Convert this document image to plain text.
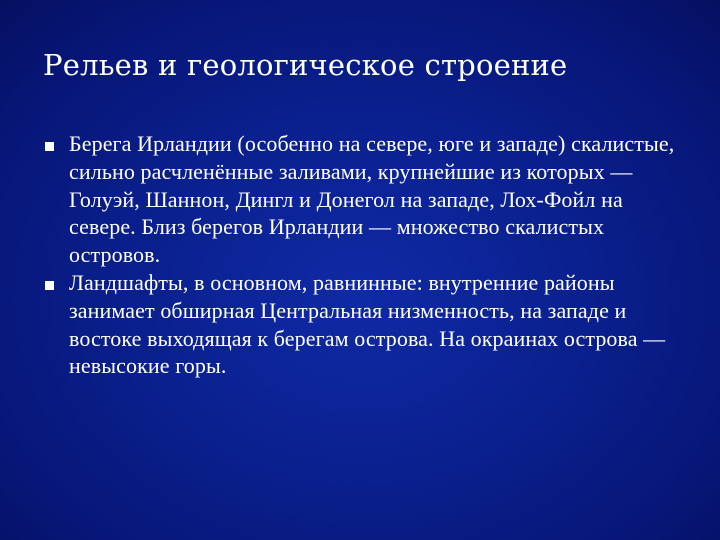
Рельев и геологическое строение
Берега Ирландии (особенно на севере, юге и западе) скалистые, сильно расчленённые заливами, крупнейшие из которых — Голуэй, Шаннон, Дингл и Донегол на западе, Лох-Фойл на севере. Близ берегов Ирландии — множество скалистых островов.
Ландшафты, в основном, равнинные: внутренние районы занимает обширная Центральная низменность, на западе и востоке выходящая к берегам острова. На окраинах острова — невысокие горы.
